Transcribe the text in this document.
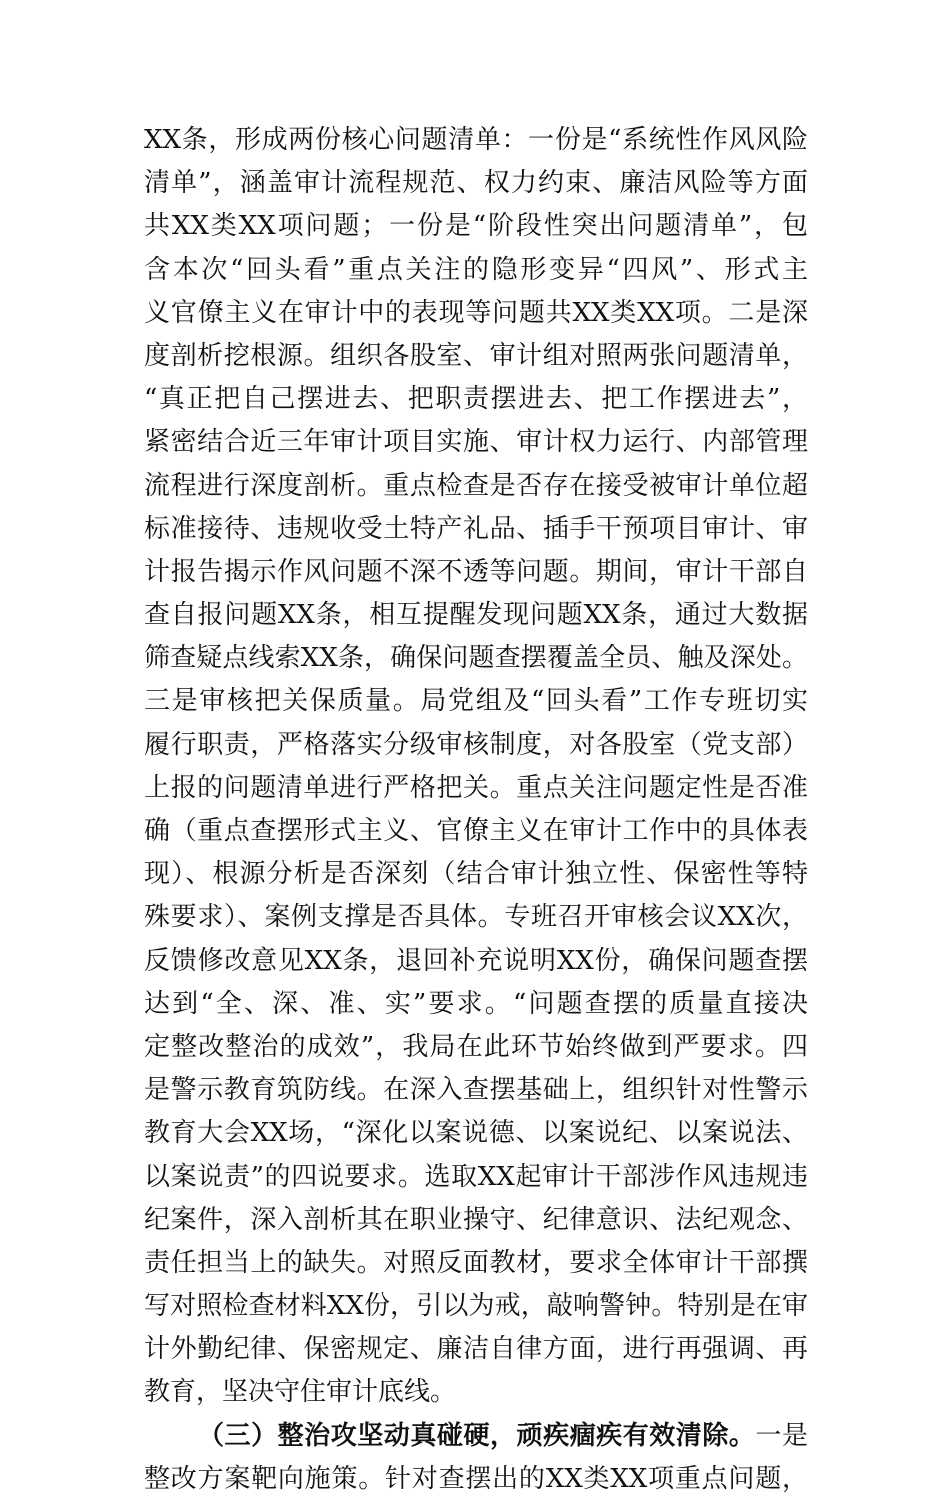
XX条，形成两份核心问题清单：一份是“系统性作风风险
清单”，涵盖审计流程规范、权力约束、廉洁风险等方面
共XX类XX项问题；一份是“阶段性突出问题清单”，包
含本次“回头看”重点关注的隐形变异“四风”、形式主
义官僚主义在审计中的表现等问题共XX类XX项。二是深
度剖析挖根源。组织各股室、审计组对照两张问题清单，
“真正把自己摆进去、把职责摆进去、把工作摆进去”，
紧密结合近三年审计项目实施、审计权力运行、内部管理
流程进行深度剖析。重点检查是否存在接受被审计单位超
标准接待、违规收受土特产礼品、插手干预项目审计、审
计报告揭示作风问题不深不透等问题。期间，审计干部自
查自报问题XX条，相互提醒发现问题XX条，通过大数据
筛查疑点线索XX条，确保问题查摆覆盖全员、触及深处。
三是审核把关保质量。局党组及“回头看”工作专班切实
履行职责，严格落实分级审核制度，对各股室（党支部）
上报的问题清单进行严格把关。重点关注问题定性是否准
确（重点查摆形式主义、官僚主义在审计工作中的具体表
现）、根源分析是否深刻（结合审计独立性、保密性等特
殊要求）、案例支撑是否具体。专班召开审核会议XX次，
反馈修改意见XX条，退回补充说明XX份，确保问题查摆
达到“全、深、准、实”要求。“问题查摆的质量直接决
定整改整治的成效”，我局在此环节始终做到严要求。四
是警示教育筑防线。在深入查摆基础上，组织针对性警示
教育大会XX场，“深化以案说德、以案说纪、以案说法、
以案说责”的四说要求。选取XX起审计干部涉作风违规违
纪案件，深入剖析其在职业操守、纪律意识、法纪观念、
责任担当上的缺失。对照反面教材，要求全体审计干部撰
写对照检查材料XX份，引以为戒，敲响警钟。特别是在审
计外勤纪律、保密规定、廉洁自律方面，进行再强调、再
教育，坚决守住审计底线。
（三）整治攻坚动真碰硬，顽疾痼疾有效清除。一是
整改方案靶向施策。针对查摆出的XX类XX项重点问题，
